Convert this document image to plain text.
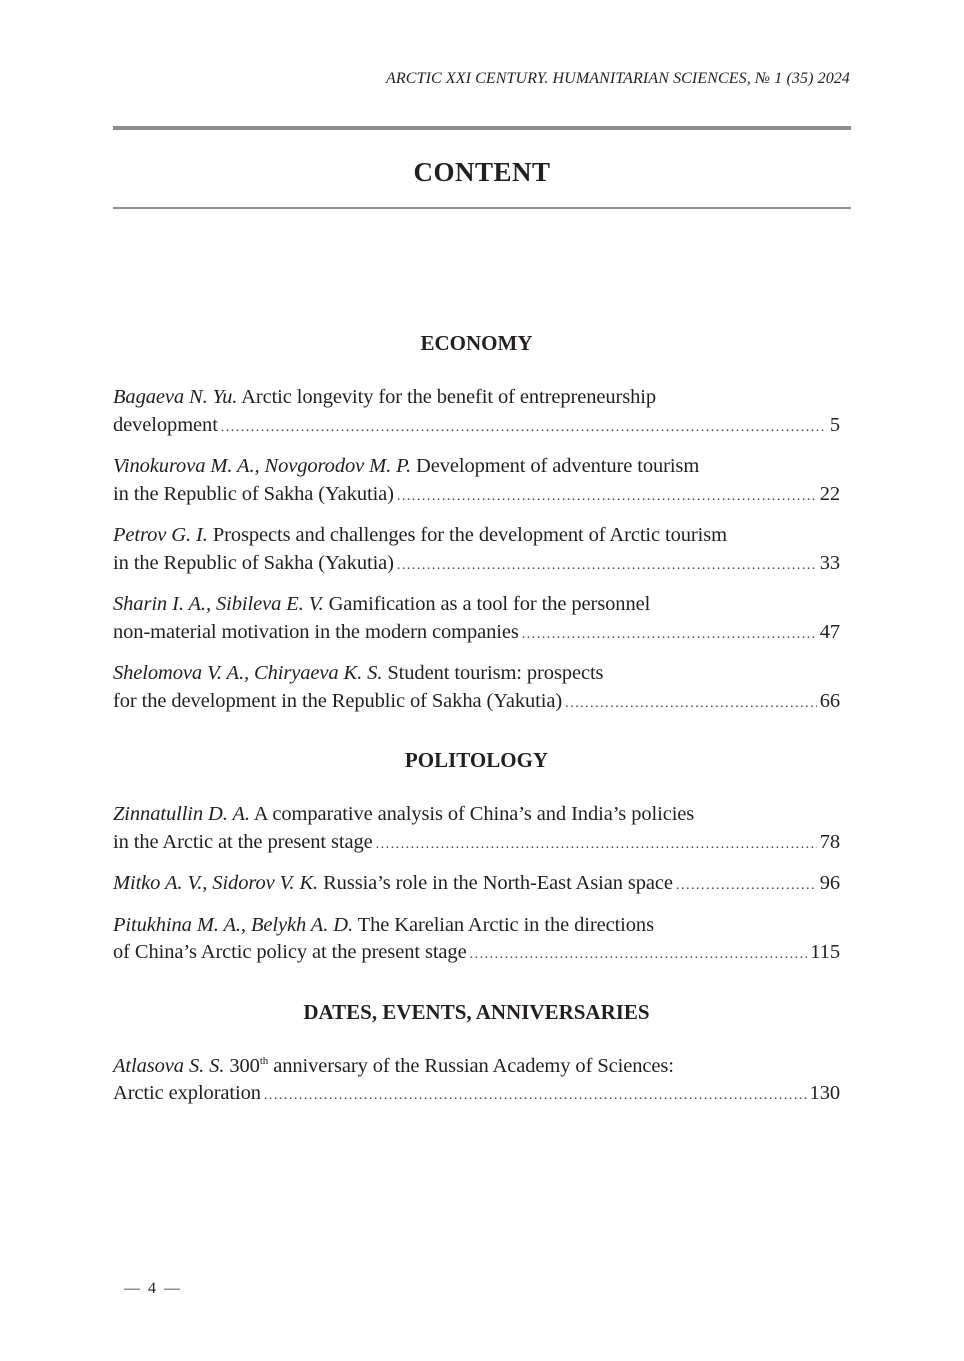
ARCTIC XXI CENTURY. HUMANITARIAN SCIENCES, № 1 (35) 2024
CONTENT
ECONOMY
Bagaeva N. Yu. Arctic longevity for the benefit of entrepreneurship
development .....	5
Vinokurova M. A., Novgorodov M. P. Development of adventure tourism
in the Republic of Sakha (Yakutia) .....	22
Petrov G. I. Prospects and challenges for the development of Arctic tourism
in the Republic of Sakha (Yakutia) .....	33
Sharin I. A., Sibileva E. V. Gamification as a tool for the personnel
non-material motivation in the modern companies .....	47
Shelomova V. A., Chiryaeva K. S. Student tourism: prospects
for the development in the Republic of Sakha (Yakutia) .....	66
POLITOLOGY
Zinnatullin D. A. A comparative analysis of China’s and India’s policies
in the Arctic at the present stage .....	78
Mitko A. V., Sidorov V. K. Russia’s role in the North-East Asian space .....	96
Pitukhina M. A., Belykh A. D. The Karelian Arctic in the directions
of China’s Arctic policy at the present stage .....	115
DATES, EVENTS, ANNIVERSARIES
Atlasova S. S. 300th anniversary of the Russian Academy of Sciences:
Arctic exploration .....	130
— 4 —
